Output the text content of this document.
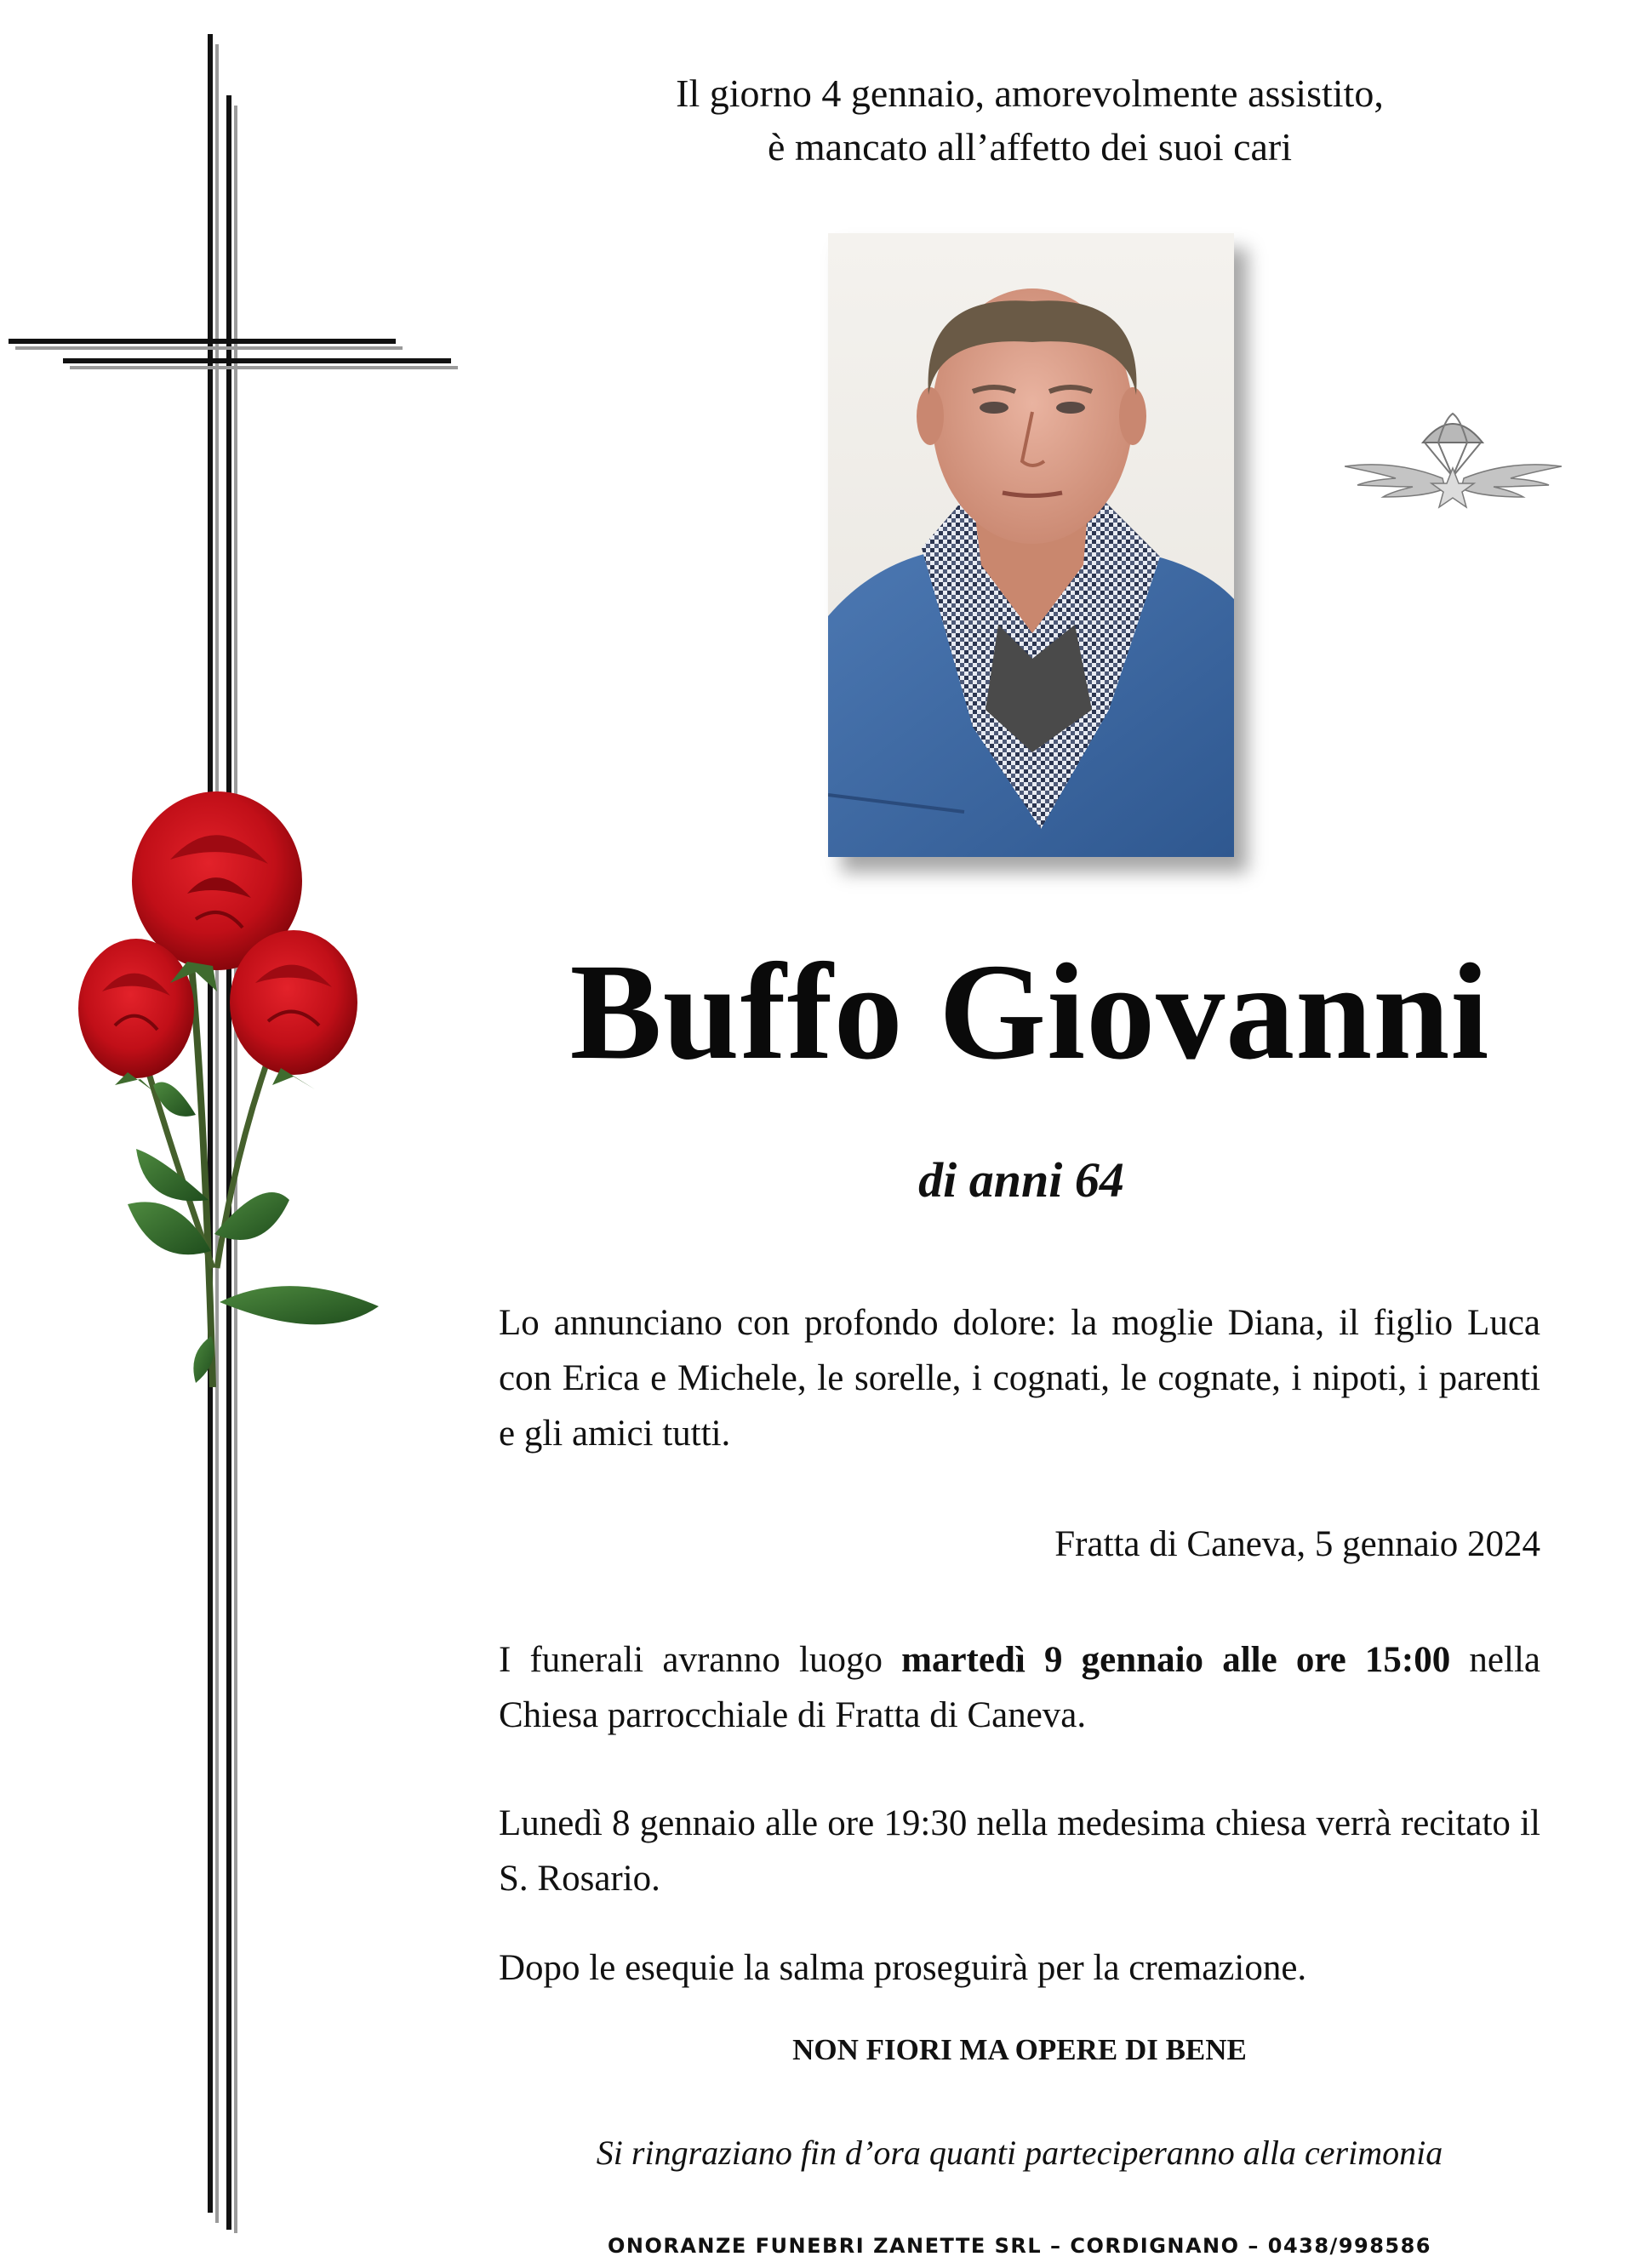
Il giorno 4 gennaio, amorevolmente assistito,
è mancato all’affetto dei suoi cari
Buffo Giovanni
di anni 64
Lo annunciano con profondo dolore: la moglie Diana, il figlio Luca con Erica e Michele, le sorelle, i cognati, le cognate, i nipoti, i parenti e gli amici tutti.
Fratta di Caneva, 5 gennaio 2024
I funerali avranno luogo martedì 9 gennaio alle ore 15:00 nella Chiesa parrocchiale di Fratta di Caneva.
Lunedì 8 gennaio alle ore 19:30 nella medesima chiesa verrà recitato il S. Rosario.
Dopo le esequie la salma proseguirà per la cremazione.
NON FIORI MA OPERE DI BENE
Si ringraziano fin d’ora quanti parteciperanno alla cerimonia
ONORANZE FUNEBRI ZANETTE SRL – CORDIGNANO – 0438/998586
